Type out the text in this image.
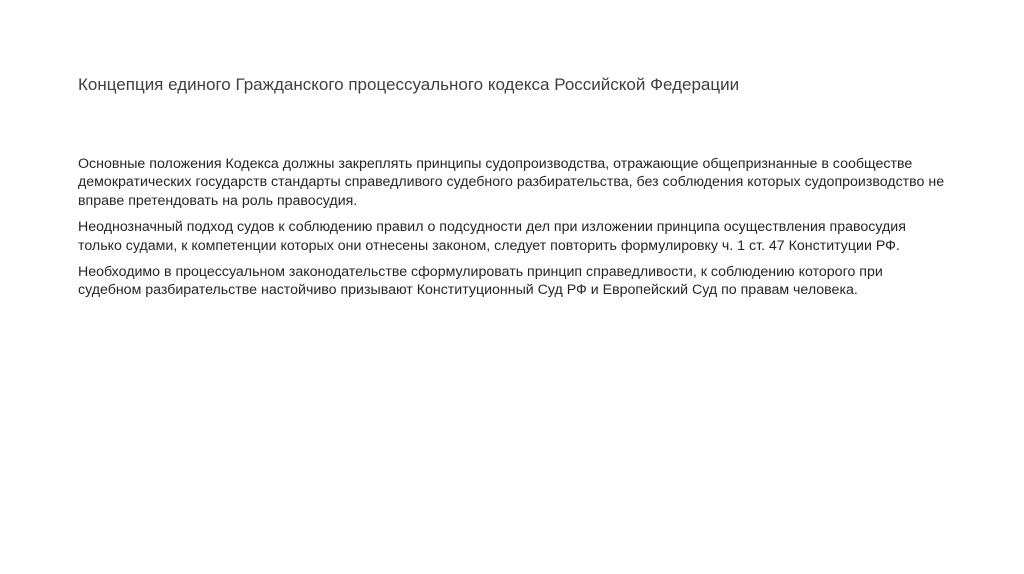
Концепция единого Гражданского процессуального кодекса Российской Федерации

Основные положения Кодекса должны закреплять принципы судопроизводства, отражающие общепризнанные в сообществе демократических государств стандарты справедливого судебного разбирательства, без соблюдения которых судопроизводство не вправе претендовать на роль правосудия.

Неоднозначный подход судов к соблюдению правил о подсудности дел при изложении принципа осуществления правосудия только судами, к компетенции которых они отнесены законом, следует повторить формулировку ч. 1 ст. 47 Конституции РФ.

Необходимо в процессуальном законодательстве сформулировать принцип справедливости, к соблюдению которого при судебном разбирательстве настойчиво призывают Конституционный Суд РФ и Европейский Суд по правам человека.
